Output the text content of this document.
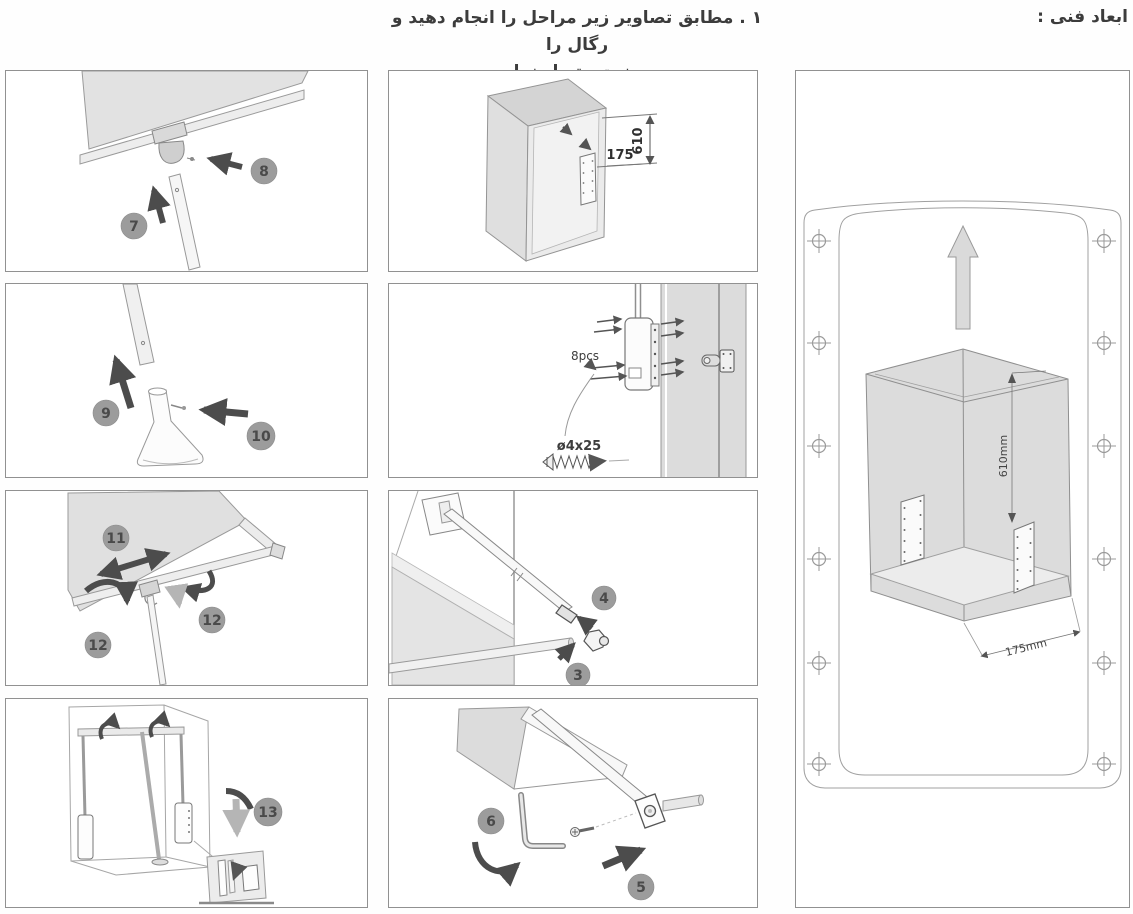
ابعاد فنی :
۱ . مطابق تصاویر زیر مراحل را انجام دهید و رگال را
7
8
9
10
11
12
12
13
175
610
8pcs
ø4x25
4
3
6
5
610mm
175mm
